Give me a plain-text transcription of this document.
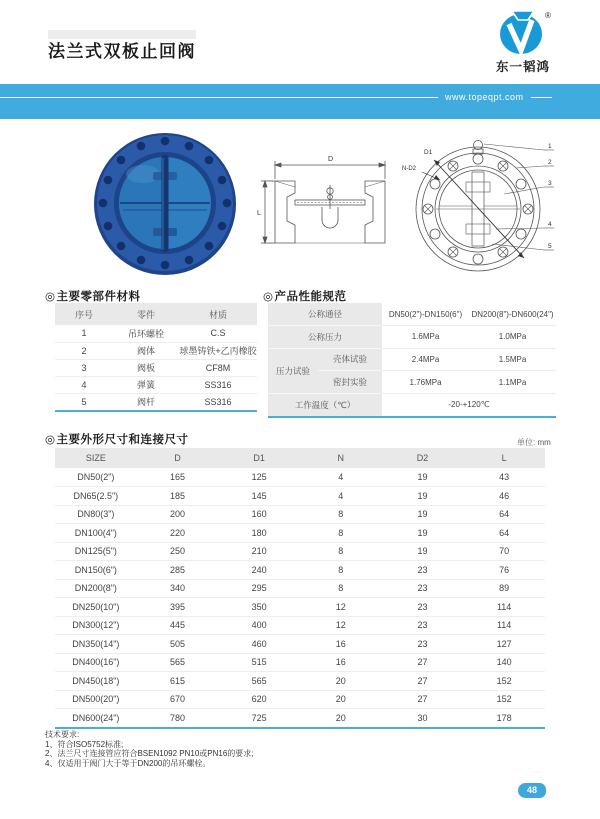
法兰式双板止回阀
®
东一韬鸿
www.topeqpt.com
D
L
D1
N-D2
1
2
3
4
5
◎主要零部件材料
序号	零件	材质
1	吊环螺栓	C.S
2	阀体	球墨铸铁+乙丙橡胶
3	阀板	CF8M
4	弹簧	SS316
5	阀杆	SS316
◎产品性能规范
公称通径		DN50(2")-DN150(6")	DN200(8")-DN600(24")
公称压力		1.6MPa	1.0MPa
压力试验	壳体试验	2.4MPa	1.5MPa
	密封实验	1.76MPa	1.1MPa
工作温度（℃）		-20-+120℃	
◎主要外形尺寸和连接尺寸	单位: mm
SIZE	D	D1	N	D2	L
DN50(2")	165	125	4	19	43
DN65(2.5")	185	145	4	19	46
DN80(3")	200	160	8	19	64
DN100(4")	220	180	8	19	64
DN125(5")	250	210	8	19	70
DN150(6")	285	240	8	23	76
DN200(8")	340	295	8	23	89
DN250(10")	395	350	12	23	114
DN300(12")	445	400	12	23	114
DN350(14")	505	460	16	23	127
DN400(16")	565	515	16	27	140
DN450(18")	615	565	20	27	152
DN500(20")	670	620	20	27	152
DN600(24")	780	725	20	30	178
技术要求:
1、符合ISO5752标准;
2、法兰尺寸连接管应符合BSEN1092 PN10或PN16的要求;
4、仅适用于阀门大于等于DN200的吊环螺栓。
48
